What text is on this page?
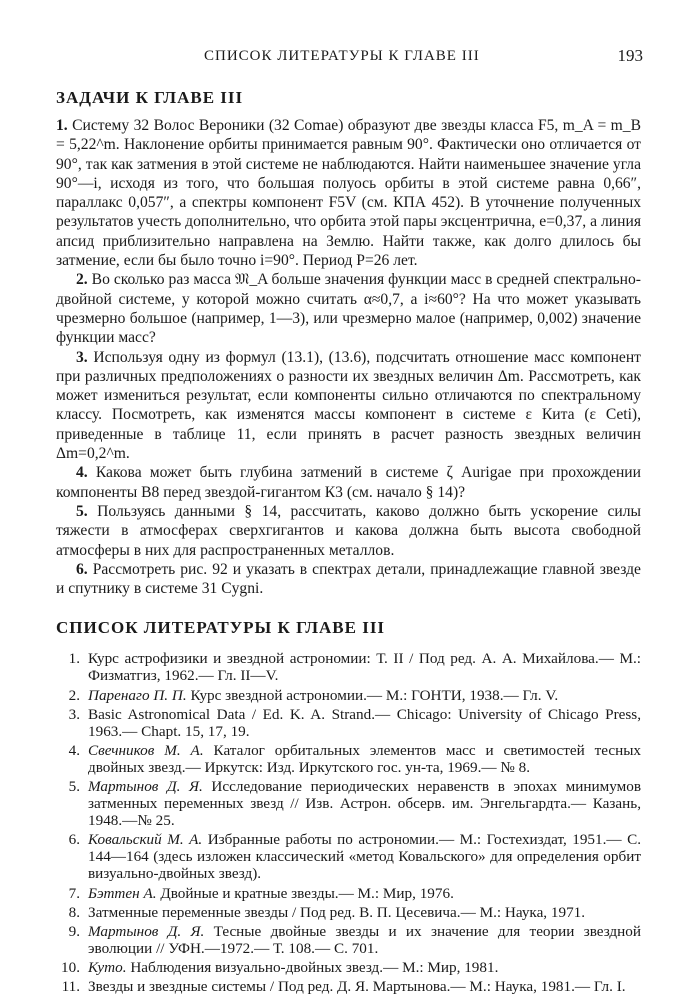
СПИСОК ЛИТЕРАТУРЫ К ГЛАВЕ III	193
ЗАДАЧИ К ГЛАВЕ III

1. Систему 32 Волос Вероники (32 Comae) образуют две звезды класса F5, m_A = m_B = 5,22^m. Наклонение орбиты принимается равным 90°. Фактически оно отличается от 90°, так как затмения в этой системе не наблюдаются. Найти наименьшее значение угла 90°—i, исходя из того, что большая полуось орбиты в этой системе равна 0,66″, параллакс 0,057″, а спектры компонент F5V (см. КПА 452). В уточнение полученных результатов учесть дополнительно, что орбита этой пары эксцентрична, e=0,37, а линия апсид приблизительно направлена на Землю. Найти также, как долго длилось бы затмение, если бы было точно i=90°. Период P=26 лет.

2. Во сколько раз масса 𝔐_A больше значения функции масс в средней спектрально-двойной системе, у которой можно считать α≈0,7, а i≈60°? На что может указывать чрезмерно большое (например, 1—3), или чрезмерно малое (например, 0,002) значение функции масс?

3. Используя одну из формул (13.1), (13.6), подсчитать отношение масс компонент при различных предположениях о разности их звездных величин Δm. Рассмотреть, как может измениться результат, если компоненты сильно отличаются по спектральному классу. Посмотреть, как изменятся массы компонент в системе ε Кита (ε Ceti), приведенные в таблице 11, если принять в расчет разность звездных величин Δm=0,2^m.

4. Какова может быть глубина затмений в системе ζ Aurigae при прохождении компоненты B8 перед звездой-гигантом К3 (см. начало § 14)?

5. Пользуясь данными § 14, рассчитать, каково должно быть ускорение силы тяжести в атмосферах сверхгигантов и какова должна быть высота свободной атмосферы в них для распространенных металлов.

6. Рассмотреть рис. 92 и указать в спектрах детали, принадлежащие главной звезде и спутнику в системе 31 Cygni.

СПИСОК ЛИТЕРАТУРЫ К ГЛАВЕ III
1. Курс астрофизики и звездной астрономии: Т. II / Под ред. А. А. Михайлова.— М.: Физматгиз, 1962.— Гл. II—V.
2. Паренаго П. П. Курс звездной астрономии.— М.: ГОНТИ, 1938.— Гл. V.
3. Basic Astronomical Data / Ed. K. A. Strand.— Chicago: University of Chicago Press, 1963.— Chapt. 15, 17, 19.
4. Свечников М. А. Каталог орбитальных элементов масс и светимостей тесных двойных звезд.— Иркутск: Изд. Иркутского гос. ун-та, 1969.— № 8.
5. Мартынов Д. Я. Исследование периодических неравенств в эпохах минимумов затменных переменных звезд // Изв. Астрон. обсерв. им. Энгельгардта.— Казань, 1948.—№ 25.
6. Ковальский М. А. Избранные работы по астрономии.— М.: Гостехиздат, 1951.— С. 144—164 (здесь изложен классический «метод Ковальского» для определения орбит визуально-двойных звезд).
7. Бэттен А. Двойные и кратные звезды.— М.: Мир, 1976.
8. Затменные переменные звезды / Под ред. В. П. Цесевича.— М.: Наука, 1971.
9. Мартынов Д. Я. Тесные двойные звезды и их значение для теории звездной эволюции // УФН.—1972.— Т. 108.— С. 701.
10. Куто. Наблюдения визуально-двойных звезд.— М.: Мир, 1981.
11. Звезды и звездные системы / Под ред. Д. Я. Мартынова.— М.: Наука, 1981.— Гл. I.
